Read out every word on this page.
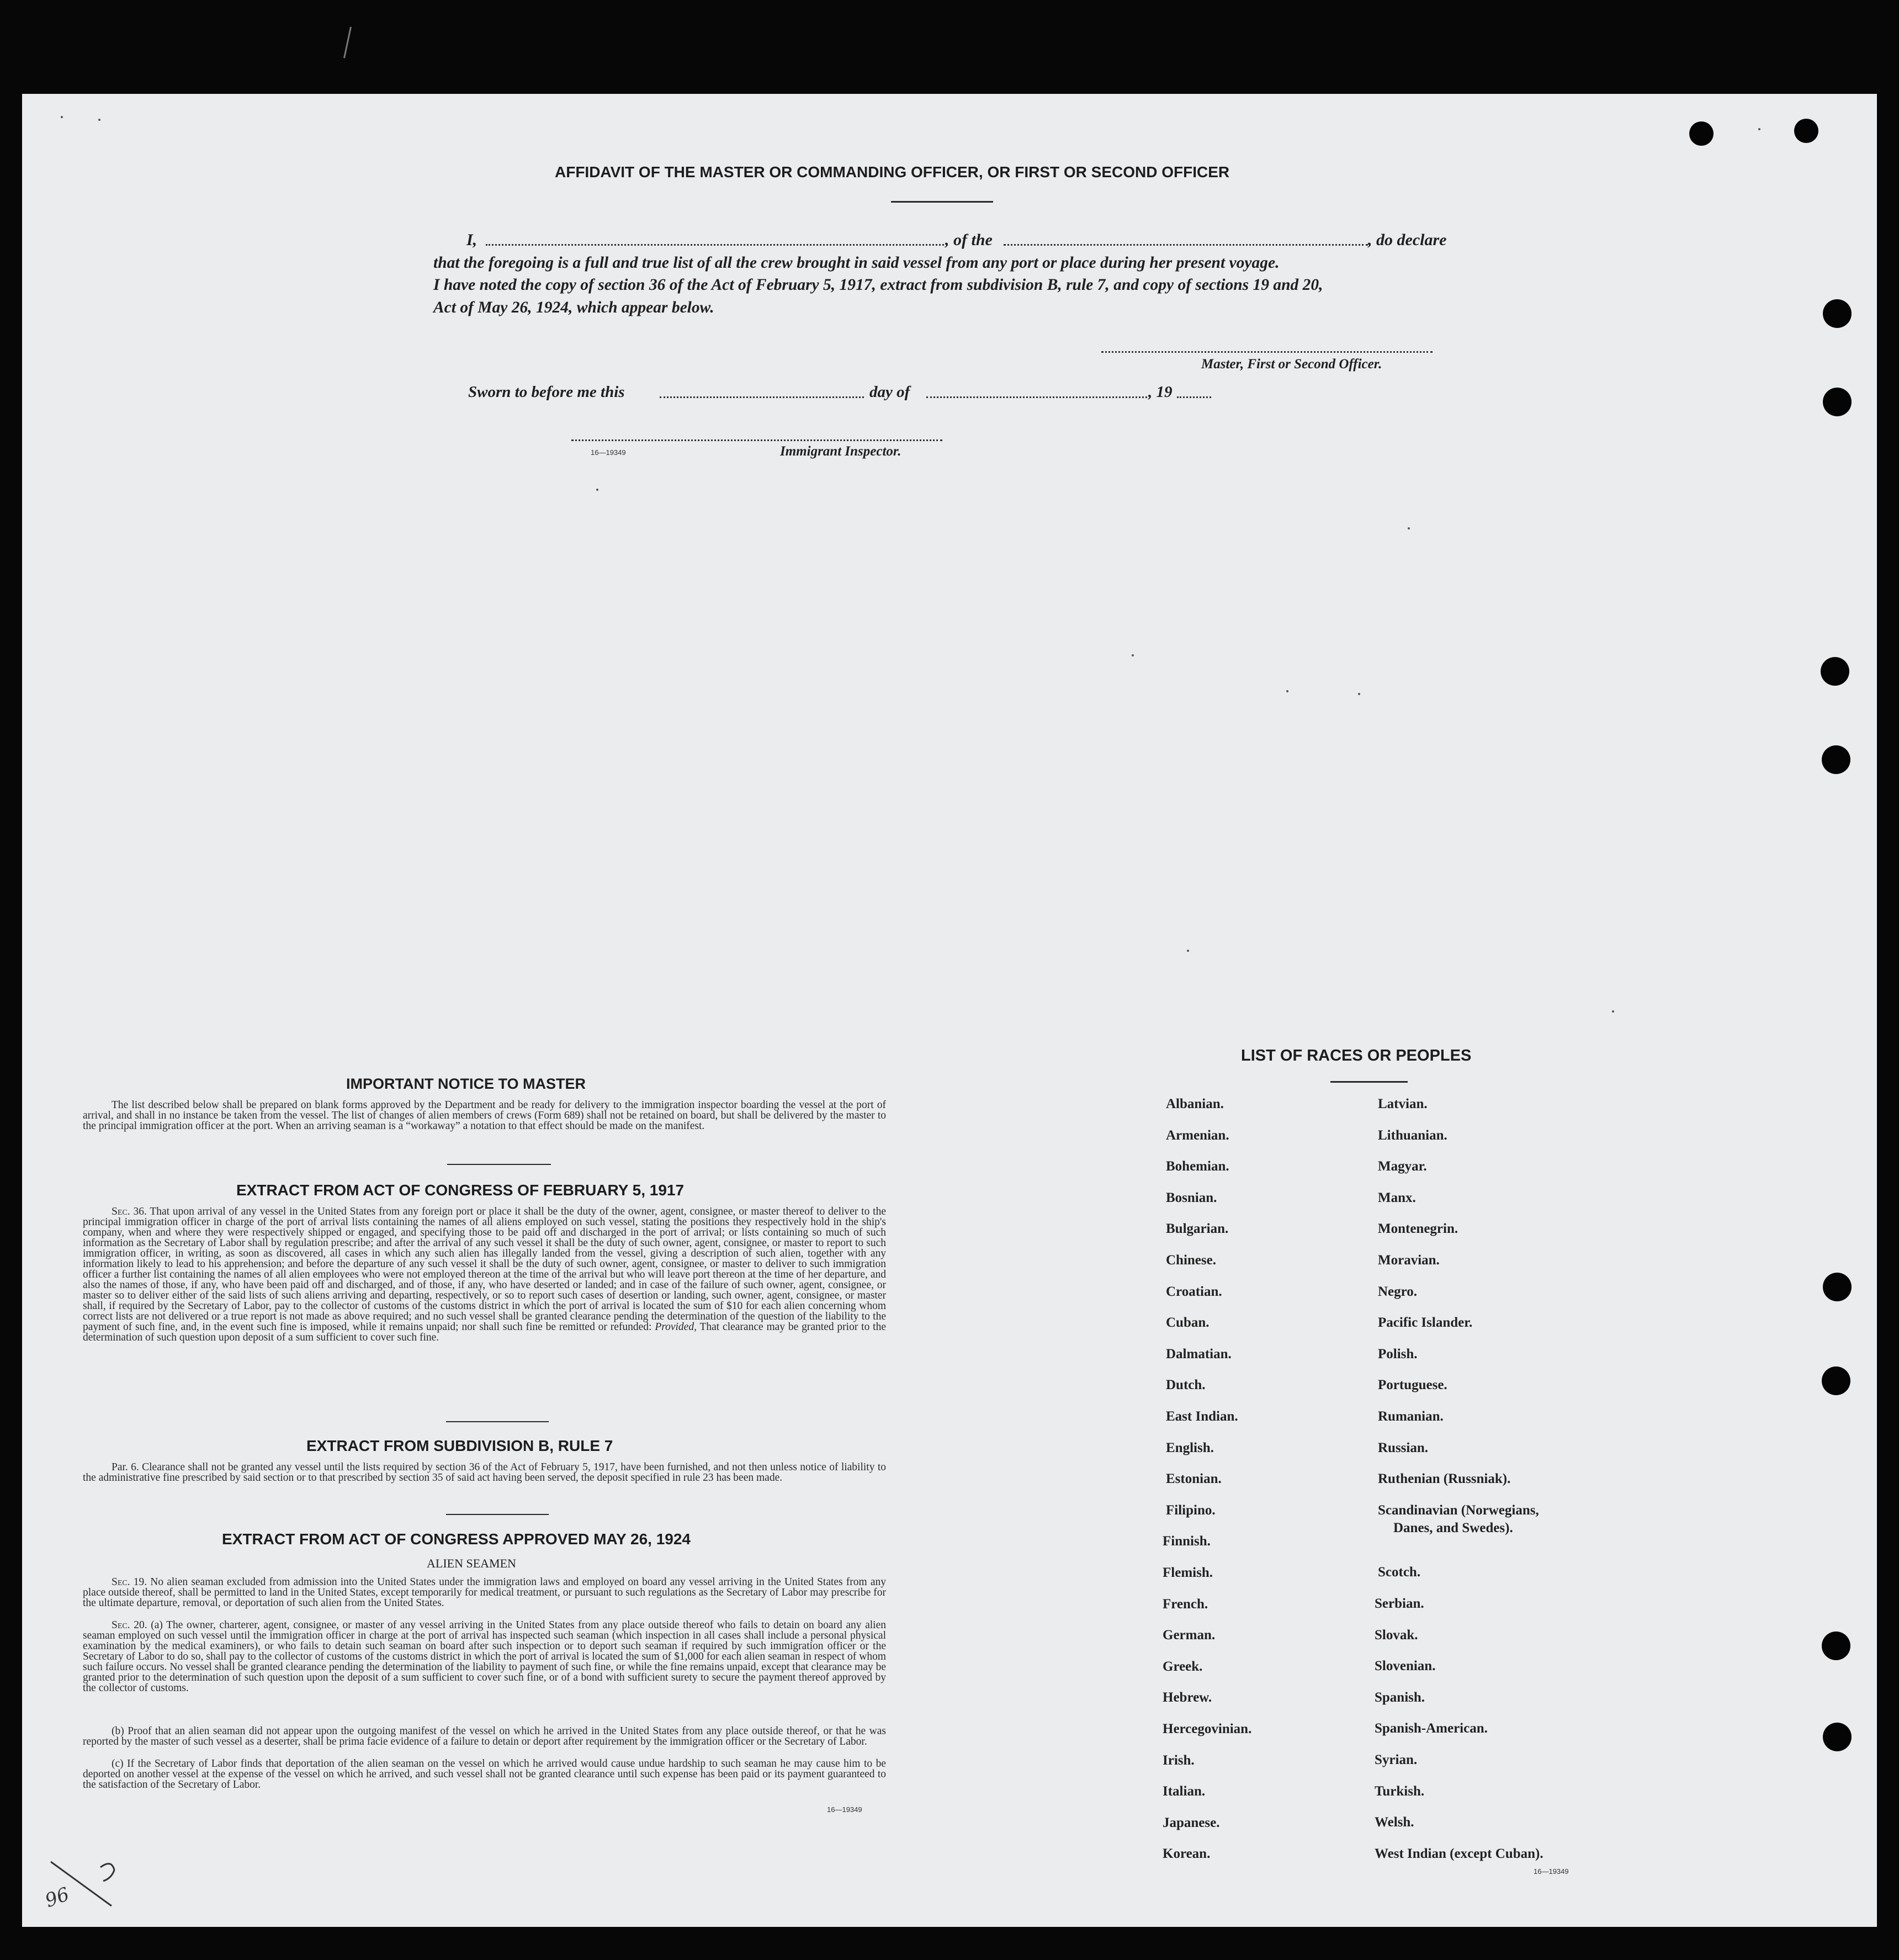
AFFIDAVIT OF THE MASTER OR COMMANDING OFFICER, OR FIRST OR SECOND OFFICER
I,	, of the	, do declare
that the foregoing is a full and true list of all the crew brought in said vessel from any port or place during her present voyage.
I have noted the copy of section 36 of the Act of February 5, 1917, extract from subdivision B, rule 7, and copy of sections 19 and 20,
Act of May 26, 1924, which appear below.
Master, First or Second Officer.
Sworn to before me this	day of	, 19
16—19349	Immigrant Inspector.
IMPORTANT NOTICE TO MASTER
The list described below shall be prepared on blank forms approved by the Department and be ready for delivery to the immigration inspector boarding the vessel at the port of arrival, and shall in no instance be taken from the vessel. The list of changes of alien members of crews (Form 689) shall not be retained on board, but shall be delivered by the master to the principal immigration officer at the port. When an arriving seaman is a “workaway” a notation to that effect should be made on the manifest.
EXTRACT FROM ACT OF CONGRESS OF FEBRUARY 5, 1917
Sec. 36. That upon arrival of any vessel in the United States from any foreign port or place it shall be the duty of the owner, agent, consignee, or master thereof to deliver to the principal immigration officer in charge of the port of arrival lists containing the names of all aliens employed on such vessel, stating the positions they respectively hold in the ship's company, when and where they were respectively shipped or engaged, and specifying those to be paid off and discharged in the port of arrival; or lists containing so much of such information as the Secretary of Labor shall by regulation prescribe; and after the arrival of any such vessel it shall be the duty of such owner, agent, consignee, or master to report to such immigration officer, in writing, as soon as discovered, all cases in which any such alien has illegally landed from the vessel, giving a description of such alien, together with any information likely to lead to his apprehension; and before the departure of any such vessel it shall be the duty of such owner, agent, consignee, or master to deliver to such immigration officer a further list containing the names of all alien employees who were not employed thereon at the time of the arrival but who will leave port thereon at the time of her departure, and also the names of those, if any, who have been paid off and discharged, and of those, if any, who have deserted or landed; and in case of the failure of such owner, agent, consignee, or master so to deliver either of the said lists of such aliens arriving and departing, respectively, or so to report such cases of desertion or landing, such owner, agent, consignee, or master shall, if required by the Secretary of Labor, pay to the collector of customs of the customs district in which the port of arrival is located the sum of $10 for each alien concerning whom correct lists are not delivered or a true report is not made as above required; and no such vessel shall be granted clearance pending the determination of the question of the liability to the payment of such fine, and, in the event such fine is imposed, while it remains unpaid; nor shall such fine be remitted or refunded: Provided, That clearance may be granted prior to the determination of such question upon deposit of a sum sufficient to cover such fine.
EXTRACT FROM SUBDIVISION B, RULE 7
Par. 6. Clearance shall not be granted any vessel until the lists required by section 36 of the Act of February 5, 1917, have been furnished, and not then unless notice of liability to the administrative fine prescribed by said section or to that prescribed by section 35 of said act having been served, the deposit specified in rule 23 has been made.
EXTRACT FROM ACT OF CONGRESS APPROVED MAY 26, 1924
ALIEN SEAMEN
Sec. 19. No alien seaman excluded from admission into the United States under the immigration laws and employed on board any vessel arriving in the United States from any place outside thereof, shall be permitted to land in the United States, except temporarily for medical treatment, or pursuant to such regulations as the Secretary of Labor may prescribe for the ultimate departure, removal, or deportation of such alien from the United States.
Sec. 20. (a) The owner, charterer, agent, consignee, or master of any vessel arriving in the United States from any place outside thereof who fails to detain on board any alien seaman employed on such vessel until the immigration officer in charge at the port of arrival has inspected such seaman (which inspection in all cases shall include a personal physical examination by the medical examiners), or who fails to detain such seaman on board after such inspection or to deport such seaman if required by such immigration officer or the Secretary of Labor to do so, shall pay to the collector of customs of the customs district in which the port of arrival is located the sum of $1,000 for each alien seaman in respect of whom such failure occurs. No vessel shall be granted clearance pending the determination of the liability to payment of such fine, or while the fine remains unpaid, except that clearance may be granted prior to the determination of such question upon the deposit of a sum sufficient to cover such fine, or of a bond with sufficient surety to secure the payment thereof approved by the collector of customs.
(b) Proof that an alien seaman did not appear upon the outgoing manifest of the vessel on which he arrived in the United States from any place outside thereof, or that he was reported by the master of such vessel as a deserter, shall be prima facie evidence of a failure to detain or deport after requirement by the immigration officer or the Secretary of Labor.
(c) If the Secretary of Labor finds that deportation of the alien seaman on the vessel on which he arrived would cause undue hardship to such seaman he may cause him to be deported on another vessel at the expense of the vessel on which he arrived, and such vessel shall not be granted clearance until such expense has been paid or its payment guaranteed to the satisfaction of the Secretary of Labor.
16—19349
LIST OF RACES OR PEOPLES
Albanian.
Armenian.
Bohemian.
Bosnian.
Bulgarian.
Chinese.
Croatian.
Cuban.
Dalmatian.
Dutch.
East Indian.
English.
Estonian.
Filipino.
Finnish.
Flemish.
French.
German.
Greek.
Hebrew.
Hercegovinian.
Irish.
Italian.
Japanese.
Korean.
Latvian.
Lithuanian.
Magyar.
Manx.
Montenegrin.
Moravian.
Negro.
Pacific Islander.
Polish.
Portuguese.
Rumanian.
Russian.
Ruthenian (Russniak).
Scandinavian (Norwegians,
Danes, and Swedes).
Scotch.
Serbian.
Slovak.
Slovenian.
Spanish.
Spanish-American.
Syrian.
Turkish.
Welsh.
West Indian (except Cuban).
16—19349
96
